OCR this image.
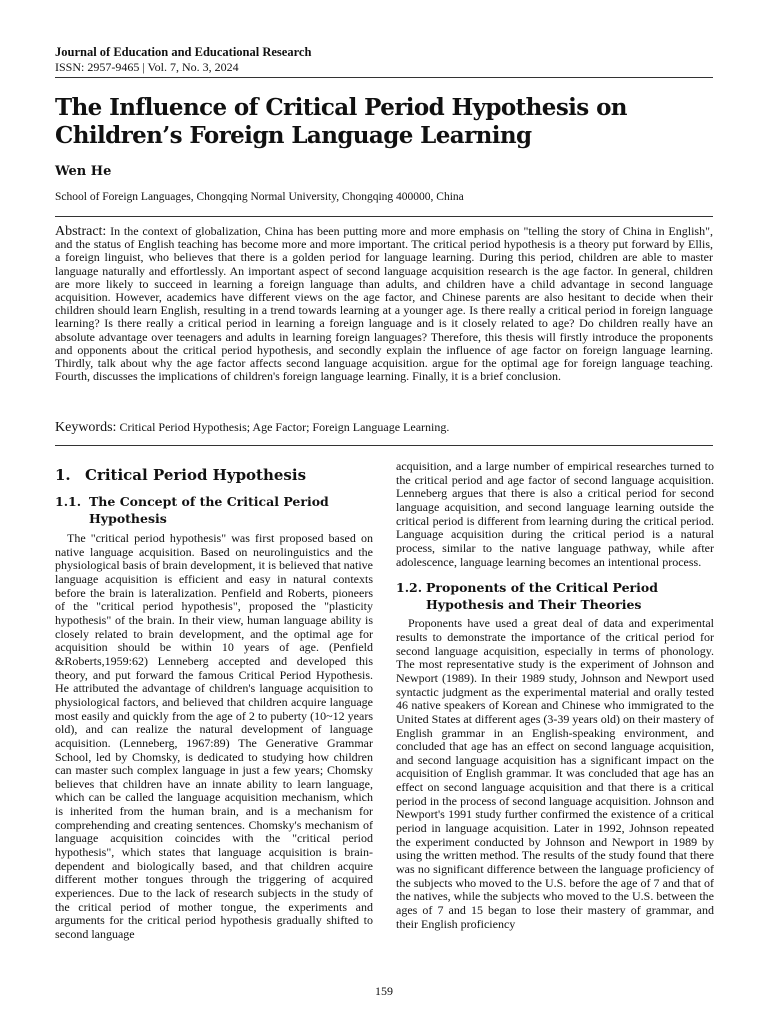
Journal of Education and Educational Research
ISSN: 2957-9465 | Vol. 7, No. 3, 2024
The Influence of Critical Period Hypothesis on Children’s Foreign Language Learning
Wen He
School of Foreign Languages, Chongqing Normal University, Chongqing 400000, China

Abstract: In the context of globalization, China has been putting more and more emphasis on "telling the story of China in English", and the status of English teaching has become more and more important. The critical period hypothesis is a theory put forward by Ellis, a foreign linguist, who believes that there is a golden period for language learning. During this period, children are able to master language naturally and effortlessly. An important aspect of second language acquisition research is the age factor. In general, children are more likely to succeed in learning a foreign language than adults, and children have a child advantage in second language acquisition. However, academics have different views on the age factor, and Chinese parents are also hesitant to decide when their children should learn English, resulting in a trend towards learning at a younger age. Is there really a critical period in foreign language learning? Is there really a critical period in learning a foreign language and is it closely related to age? Do children really have an absolute advantage over teenagers and adults in learning foreign languages? Therefore, this thesis will firstly introduce the proponents and opponents about the critical period hypothesis, and secondly explain the influence of age factor on foreign language learning. Thirdly, talk about why the age factor affects second language acquisition. argue for the optimal age for foreign language teaching. Fourth, discusses the implications of children's foreign language learning. Finally, it is a brief conclusion.

Keywords: Critical Period Hypothesis; Age Factor; Foreign Language Learning.

1. Critical Period Hypothesis
1.1. The Concept of the Critical Period Hypothesis

The "critical period hypothesis" was first proposed based on native language acquisition. Based on neurolinguistics and the physiological basis of brain development, it is believed that native language acquisition is efficient and easy in natural contexts before the brain is lateralization. Penfield and Roberts, pioneers of the "critical period hypothesis", proposed the "plasticity hypothesis" of the brain. In their view, human language ability is closely related to brain development, and the optimal age for acquisition should be within 10 years of age. (Penfield &Roberts,1959:62) Lenneberg accepted and developed this theory, and put forward the famous Critical Period Hypothesis. He attributed the advantage of children's language acquisition to physiological factors, and believed that children acquire language most easily and quickly from the age of 2 to puberty (10~12 years old), and can realize the natural development of language acquisition. (Lenneberg, 1967:89) The Generative Grammar School, led by Chomsky, is dedicated to studying how children can master such complex language in just a few years; Chomsky believes that children have an innate ability to learn language, which can be called the language acquisition mechanism, which is inherited from the human brain, and is a mechanism for comprehending and creating sentences. Chomsky's mechanism of language acquisition coincides with the "critical period hypothesis", which states that language acquisition is brain-dependent and biologically based, and that children acquire different mother tongues through the triggering of acquired experiences. Due to the lack of research subjects in the study of the critical period of mother tongue, the experiments and arguments for the critical period hypothesis gradually shifted to second language

acquisition, and a large number of empirical researches turned to the critical period and age factor of second language acquisition. Lenneberg argues that there is also a critical period for second language acquisition, and second language learning outside the critical period is different from learning during the critical period. Language acquisition during the critical period is a natural process, similar to the native language pathway, while after adolescence, language learning becomes an intentional process.

1.2. Proponents of the Critical Period Hypothesis and Their Theories

Proponents have used a great deal of data and experimental results to demonstrate the importance of the critical period for second language acquisition, especially in terms of phonology. The most representative study is the experiment of Johnson and Newport (1989). In their 1989 study, Johnson and Newport used syntactic judgment as the experimental material and orally tested 46 native speakers of Korean and Chinese who immigrated to the United States at different ages (3-39 years old) on their mastery of English grammar in an English-speaking environment, and concluded that age has an effect on second language acquisition, and second language acquisition has a significant impact on the acquisition of English grammar. It was concluded that age has an effect on second language acquisition and that there is a critical period in the process of second language acquisition. Johnson and Newport's 1991 study further confirmed the existence of a critical period in language acquisition. Later in 1992, Johnson repeated the experiment conducted by Johnson and Newport in 1989 by using the written method. The results of the study found that there was no significant difference between the language proficiency of the subjects who moved to the U.S. before the age of 7 and that of the natives, while the subjects who moved to the U.S. between the ages of 7 and 15 began to lose their mastery of grammar, and their English proficiency

159
